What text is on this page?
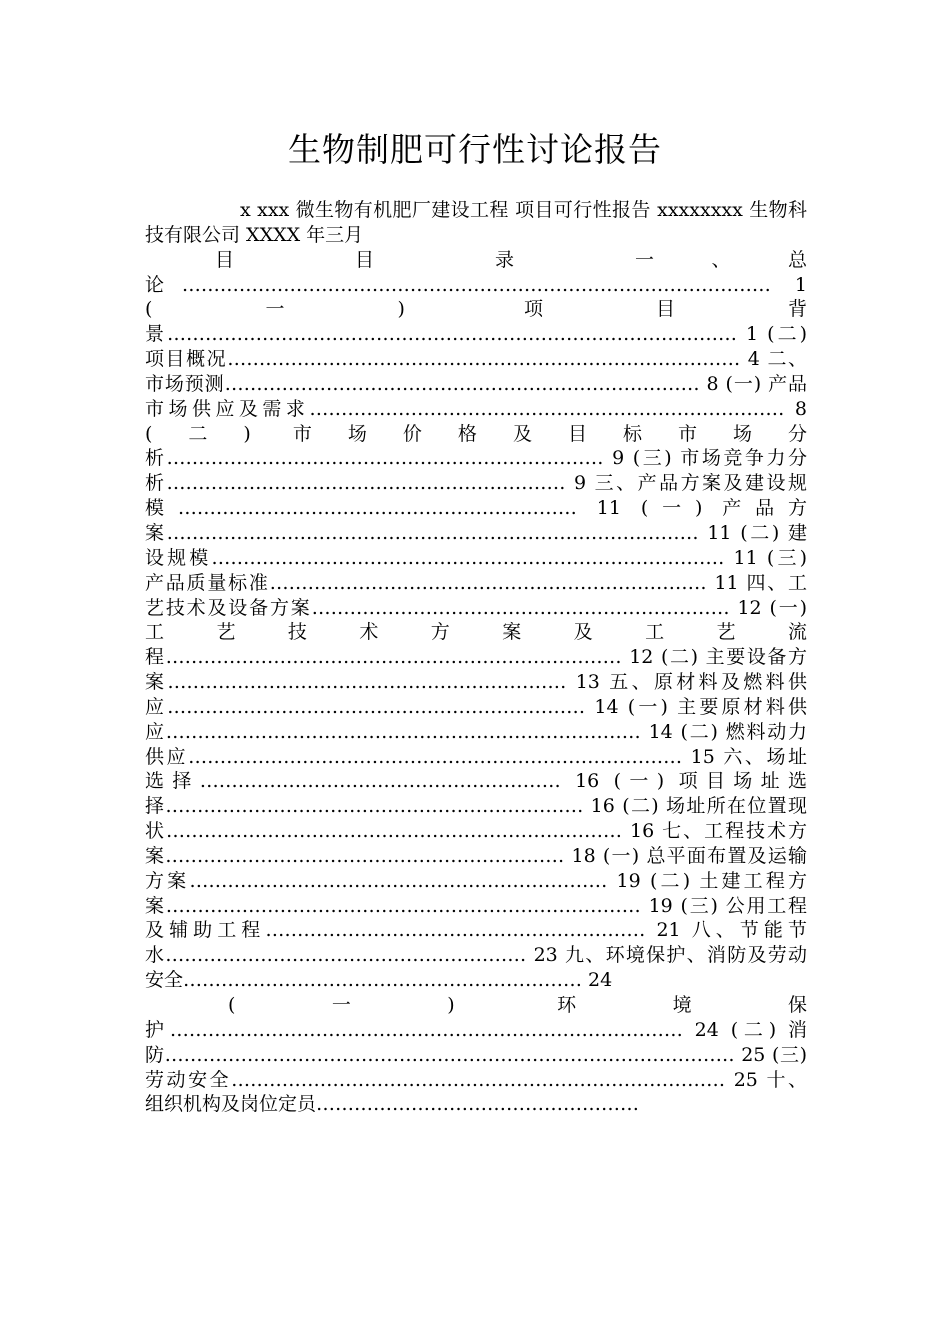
生物制肥可行性讨论报告

x xxx 微生物有机肥厂建设工程 项目可行性报告 xxxxxxxx 生物科技有限公司 XXXX 年三月

目 目 录 一、总论………………………………………………………………………………… 1 (一) 项目背景……………………………………………………………………………… 1 (二) 项目概况……………………………………………………………………… 4 二、市场预测………………………………………………………………… 8 (一) 产品市场供应及需求………………………………………………………………… 8 (二) 市场价格及目标市场分析…………………………………………………………… 9 (三) 市场竞争力分析……………………………………………………… 9 三、产品方案及建设规模……………………………………………………… 11 (一) 产品方案………………………………………………………………………… 11 (二) 建设规模……………………………………………………………………… 11 (三) 产品质量标准…………………………………………………………… 11 四、工艺技术及设备方案………………………………………………………… 12 (一) 工艺技术方案及工艺流程……………………………………………………………… 12 (二) 主要设备方案……………………………………………………… 13 五、原材料及燃料供应………………………………………………………… 14 (一) 主要原材料供应………………………………………………………………… 14 (二) 燃料动力供应…………………………………………………………………… 15 六、场址选择………………………………………………… 16 (一) 项目场址选择………………………………………………………… 16 (二) 场址所在位置现状……………………………………………………………… 16 七、工程技术方案……………………………………………………… 18 (一) 总平面布置及运输方案………………………………………………………… 19 (二) 土建工程方案………………………………………………………………… 19 (三) 公用工程及辅助工程…………………………………………………… 21 八、节能节水………………………………………………… 23 九、环境保护、消防及劳动安全……………………………………………………… 24

(一) 环境保护……………………………………………………………………… 24 (二) 消防……………………………………………………………………………… 25 (三) 劳动安全…………………………………………………………………… 25 十、组织机构及岗位定员……………………………………………
